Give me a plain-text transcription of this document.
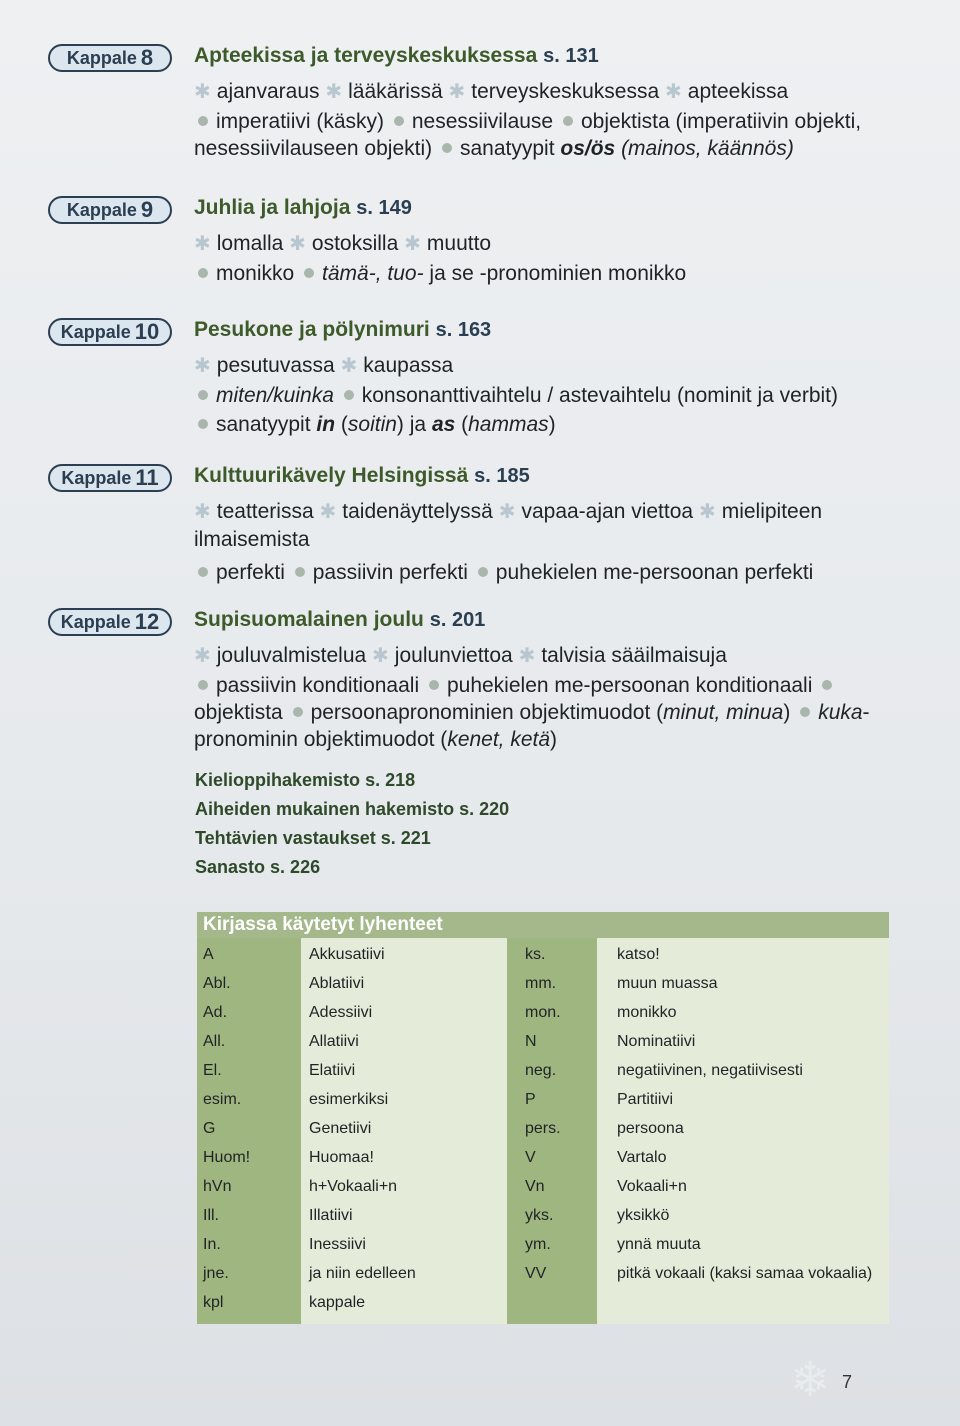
Kappale 8 Apteekissa ja terveyskeskuksessa s. 131
✱ ajanvaraus ✱ lääkärissä ✱ terveyskeskuksessa ✱ apteekissa
imperatiivi (käsky) nesessiivilause objektista (imperatiivin objekti, nesessiivilauseen objekti) sanatyypit os/ös (mainos, käännös)
Kappale 9 Juhlia ja lahjoja s. 149
✱ lomalla ✱ ostoksilla ✱ muutto
monikko tämä-, tuo- ja se -pronominien monikko
Kappale 10 Pesukone ja pölynimuri s. 163
✱ pesutuvassa ✱ kaupassa
miten/kuinka konsonanttivaihtelu / astevaihtelu (nominit ja verbit)
sanatyypit in (soitin) ja as (hammas)
Kappale 11 Kulttuurikävely Helsingissä s. 185
✱ teatterissa ✱ taidenäyttelyssä ✱ vapaa-ajan viettoa ✱ mielipiteen ilmaisemista
perfekti passiivin perfekti puhekielen me-persoonan perfekti
Kappale 12 Supisuomalainen joulu s. 201
✱ jouluvalmistelua ✱ joulunviettoa ✱ talvisia sääilmaisuja
passiivin konditionaali puhekielen me-persoonan konditionaali objektista persoonapronominien objektimuodot (minut, minua) kuka-pronominin objektimuodot (kenet, ketä)
Kielioppihakemisto s. 218
Aiheiden mukainen hakemisto s. 220
Tehtävien vastaukset s. 221
Sanasto s. 226
Kirjassa käytetyt lyhenteet
A	Akkusatiivi	ks.	katso!
Abl.	Ablatiivi	mm.	muun muassa
Ad.	Adessiivi	mon.	monikko
All.	Allatiivi	N	Nominatiivi
El.	Elatiivi	neg.	negatiivinen, negatiivisesti
esim.	esimerkiksi	P	Partitiivi
G	Genetiivi	pers.	persoona
Huom!	Huomaa!	V	Vartalo
hVn	h+Vokaali+n	Vn	Vokaali+n
Ill.	Illatiivi	yks.	yksikkö
In.	Inessiivi	ym.	ynnä muuta
jne.	ja niin edelleen	VV	pitkä vokaali (kaksi samaa vokaalia)
kpl	kappale
❄ 7
